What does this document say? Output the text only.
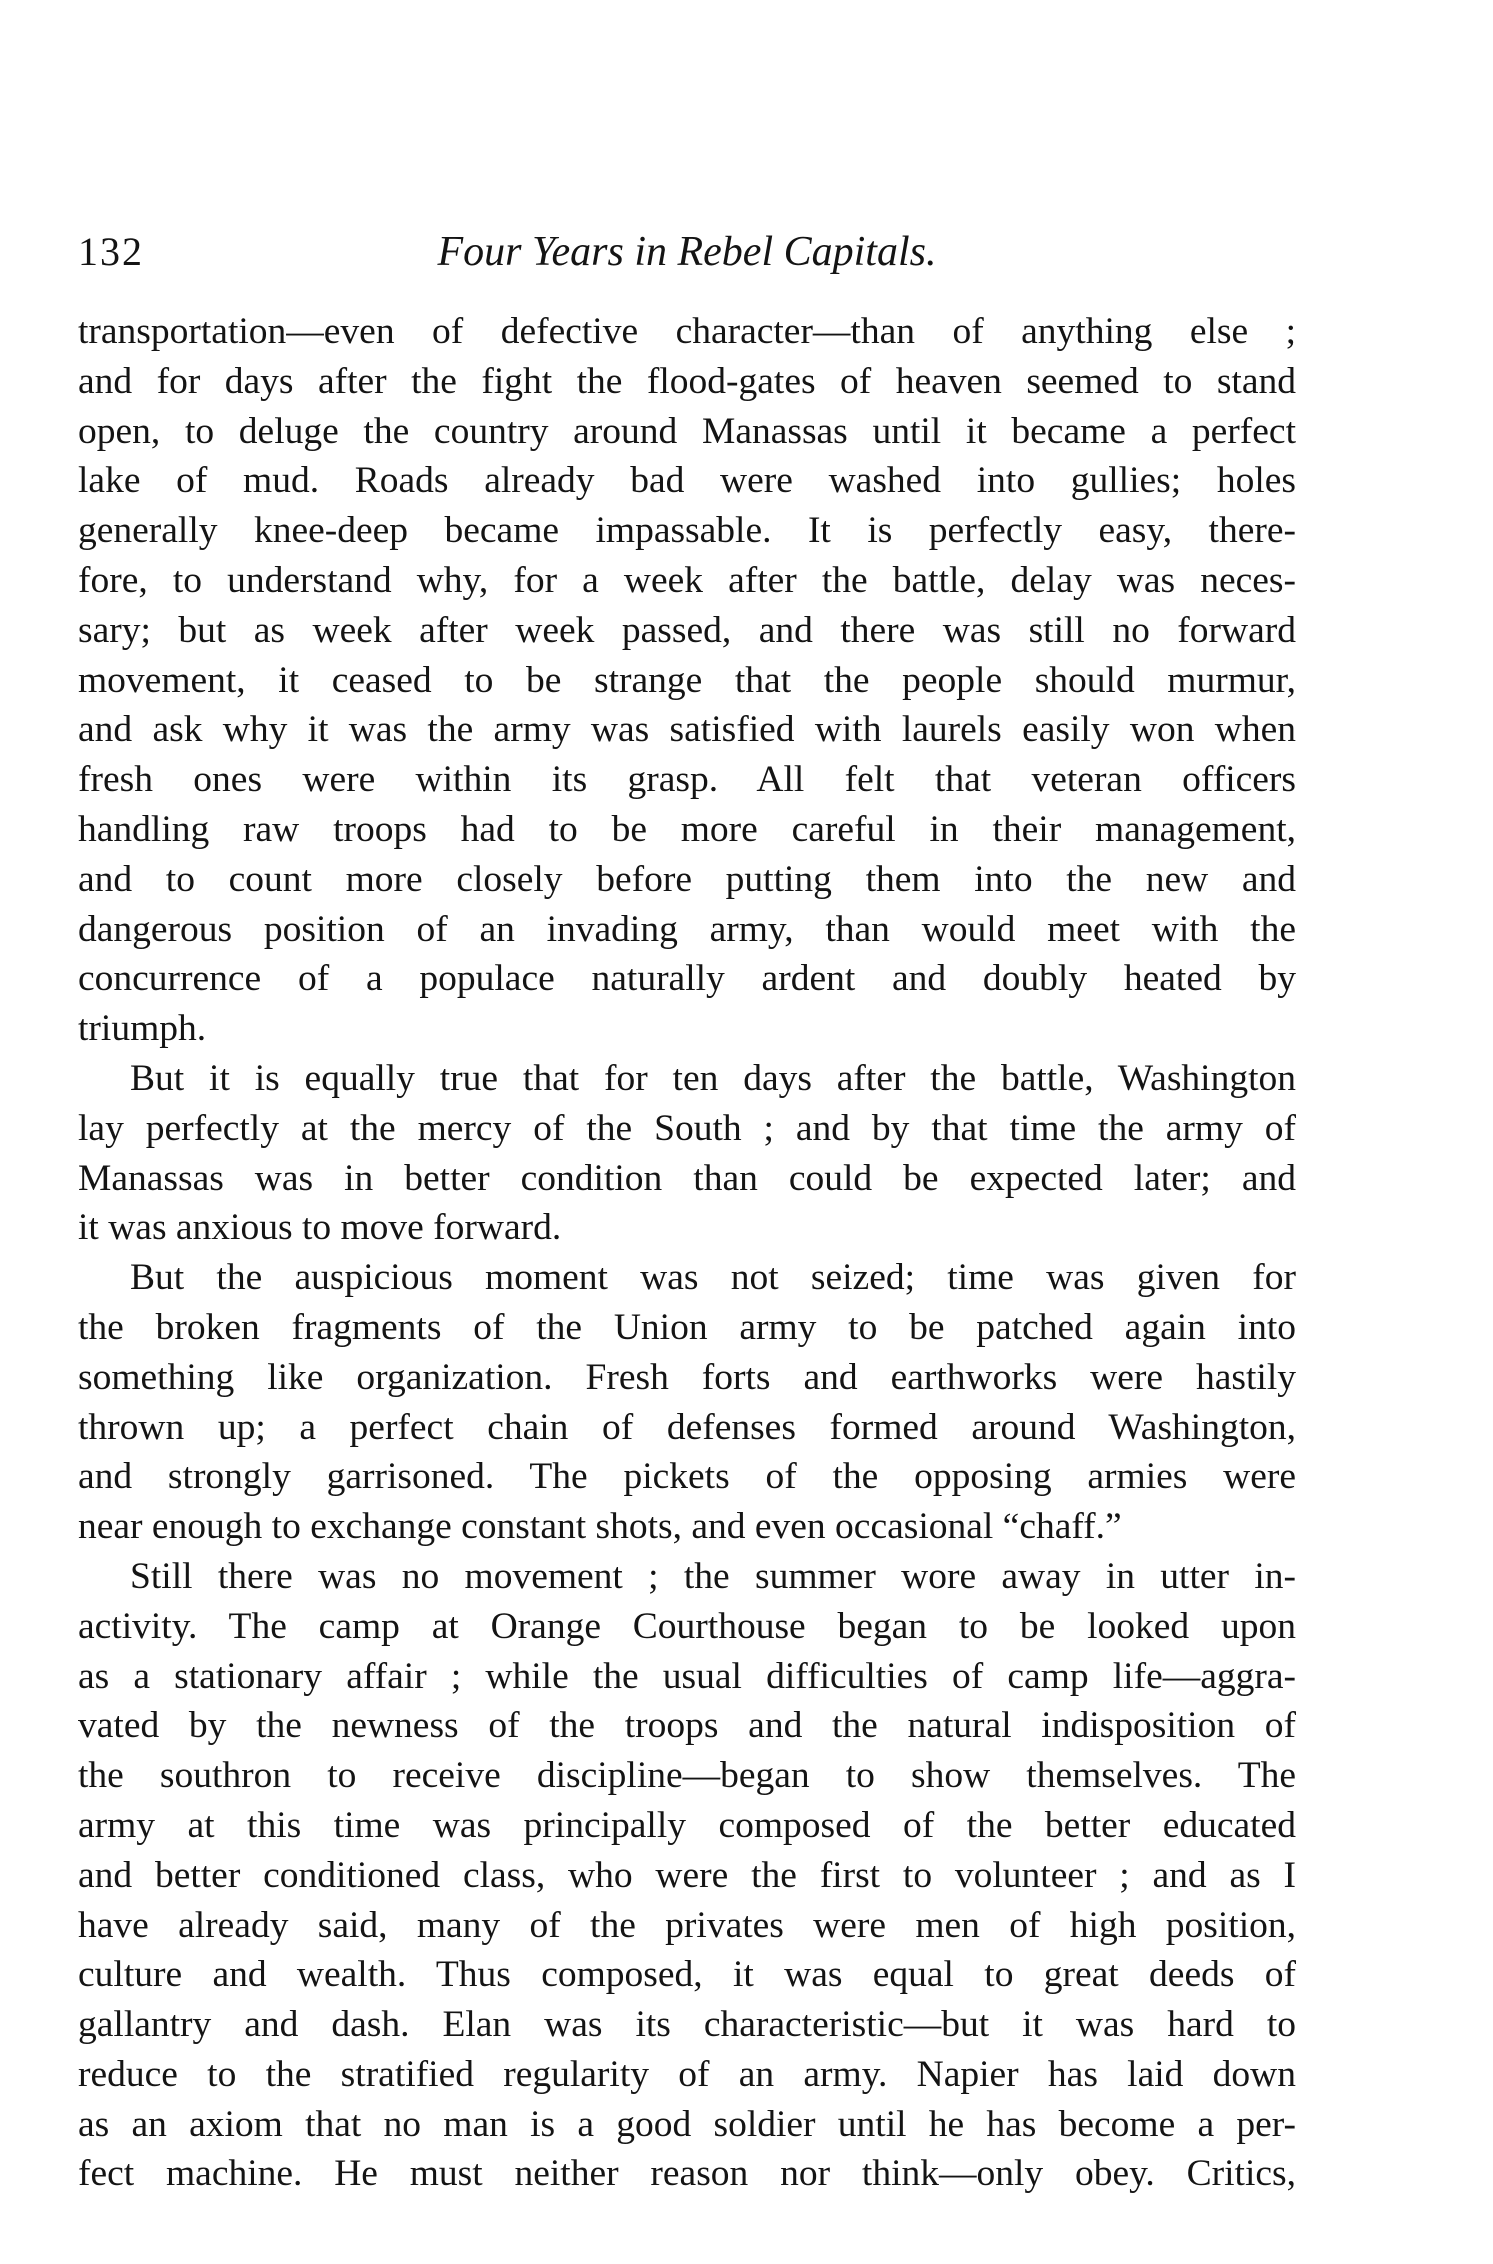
132	Four Years in Rebel Capitals.
transportation—even of defective character—than of anything else ;
and for days after the fight the flood-gates of heaven seemed to stand
open, to deluge the country around Manassas until it became a perfect
lake of mud. Roads already bad were washed into gullies; holes
generally knee-deep became impassable. It is perfectly easy, there-
fore, to understand why, for a week after the battle, delay was neces-
sary; but as week after week passed, and there was still no forward
movement, it ceased to be strange that the people should murmur,
and ask why it was the army was satisfied with laurels easily won when
fresh ones were within its grasp. All felt that veteran officers
handling raw troops had to be more careful in their management,
and to count more closely before putting them into the new and
dangerous position of an invading army, than would meet with the
concurrence of a populace naturally ardent and doubly heated by
triumph.
But it is equally true that for ten days after the battle, Washington
lay perfectly at the mercy of the South ; and by that time the army of
Manassas was in better condition than could be expected later; and
it was anxious to move forward.
But the auspicious moment was not seized; time was given for
the broken fragments of the Union army to be patched again into
something like organization. Fresh forts and earthworks were hastily
thrown up; a perfect chain of defenses formed around Washington,
and strongly garrisoned. The pickets of the opposing armies were
near enough to exchange constant shots, and even occasional “chaff.”
Still there was no movement ; the summer wore away in utter in-
activity. The camp at Orange Courthouse began to be looked upon
as a stationary affair ; while the usual difficulties of camp life—aggra-
vated by the newness of the troops and the natural indisposition of
the southron to receive discipline—began to show themselves. The
army at this time was principally composed of the better educated
and better conditioned class, who were the first to volunteer ; and as I
have already said, many of the privates were men of high position,
culture and wealth. Thus composed, it was equal to great deeds of
gallantry and dash. Elan was its characteristic—but it was hard to
reduce to the stratified regularity of an army. Napier has laid down
as an axiom that no man is a good soldier until he has become a per-
fect machine. He must neither reason nor think—only obey. Critics,
